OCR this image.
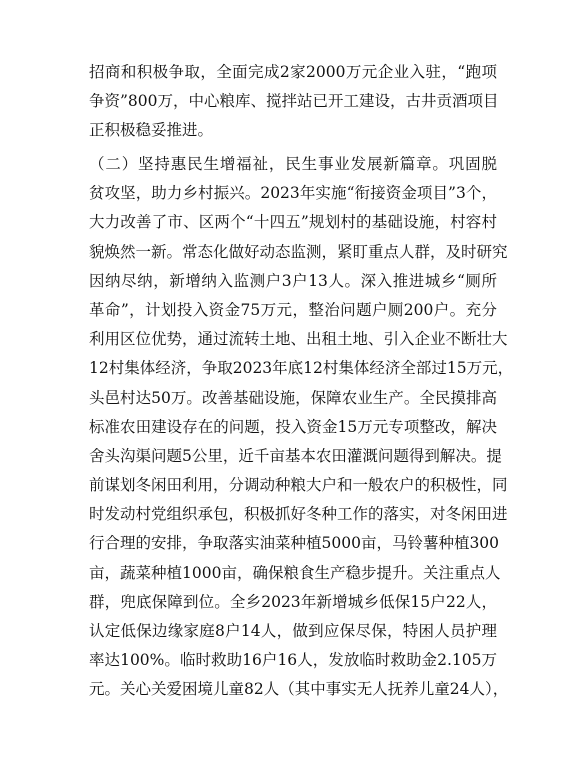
招商和积极争取，全面完成2家2000万元企业入驻，“跑项
争资”800万，中心粮库、搅拌站已开工建设，古井贡酒项目
正积极稳妥推进。
（二）坚持惠民生增福祉，民生事业发展新篇章。巩固脱
贫攻坚，助力乡村振兴。2023年实施“衔接资金项目”3个，
大力改善了市、区两个“十四五”规划村的基础设施，村容村
貌焕然一新。常态化做好动态监测，紧盯重点人群，及时研究
因纳尽纳，新增纳入监测户3户13人。深入推进城乡“厕所
革命”，计划投入资金75万元，整治问题户厕200户。充分
利用区位优势，通过流转土地、出租土地、引入企业不断壮大
12村集体经济，争取2023年底12村集体经济全部过15万元，
头邑村达50万。改善基础设施，保障农业生产。全民摸排高
标准农田建设存在的问题，投入资金15万元专项整改，解决
舍头沟渠问题5公里，近千亩基本农田灌溉问题得到解决。提
前谋划冬闲田利用，分调动种粮大户和一般农户的积极性，同
时发动村党组织承包，积极抓好冬种工作的落实，对冬闲田进
行合理的安排，争取落实油菜种植5000亩，马铃薯种植300
亩，蔬菜种植1000亩，确保粮食生产稳步提升。关注重点人
群，兜底保障到位。全乡2023年新增城乡低保15户22人，
认定低保边缘家庭8户14人，做到应保尽保，特困人员护理
率达100%。临时救助16户16人，发放临时救助金2.105万
元。关心关爱困境儿童82人（其中事实无人抚养儿童24人），
